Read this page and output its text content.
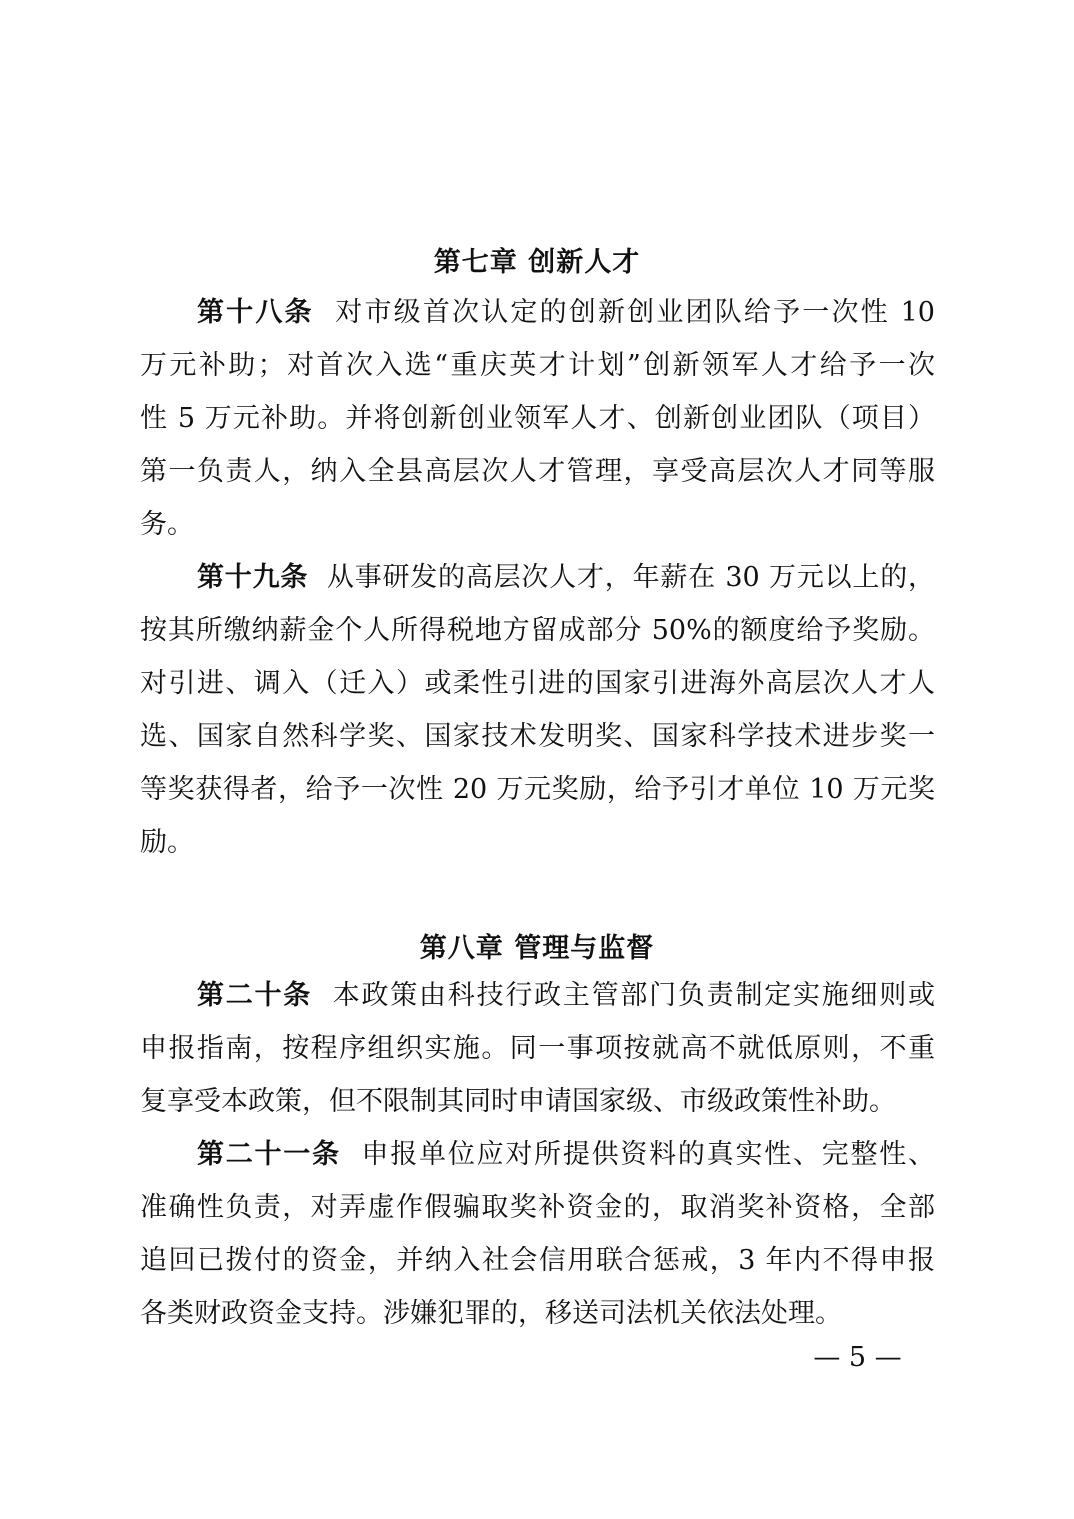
第七章 创新人才

第十八条 对市级首次认定的创新创业团队给予一次性 10

万元补助；对首次入选“重庆英才计划”创新领军人才给予一次

性 5 万元补助。并将创新创业领军人才、创新创业团队（项目）

第一负责人，纳入全县高层次人才管理，享受高层次人才同等服

务。

第十九条 从事研发的高层次人才，年薪在 30 万元以上的，

按其所缴纳薪金个人所得税地方留成部分 50%的额度给予奖励。

对引进、调入（迁入）或柔性引进的国家引进海外高层次人才人

选、国家自然科学奖、国家技术发明奖、国家科学技术进步奖一

等奖获得者，给予一次性 20 万元奖励，给予引才单位 10 万元奖

励。

第八章 管理与监督

第二十条 本政策由科技行政主管部门负责制定实施细则或

申报指南，按程序组织实施。同一事项按就高不就低原则，不重

复享受本政策，但不限制其同时申请国家级、市级政策性补助。

第二十一条 申报单位应对所提供资料的真实性、完整性、

准确性负责，对弄虚作假骗取奖补资金的，取消奖补资格，全部

追回已拨付的资金，并纳入社会信用联合惩戒，3 年内不得申报

各类财政资金支持。涉嫌犯罪的，移送司法机关依法处理。

— 5 —
